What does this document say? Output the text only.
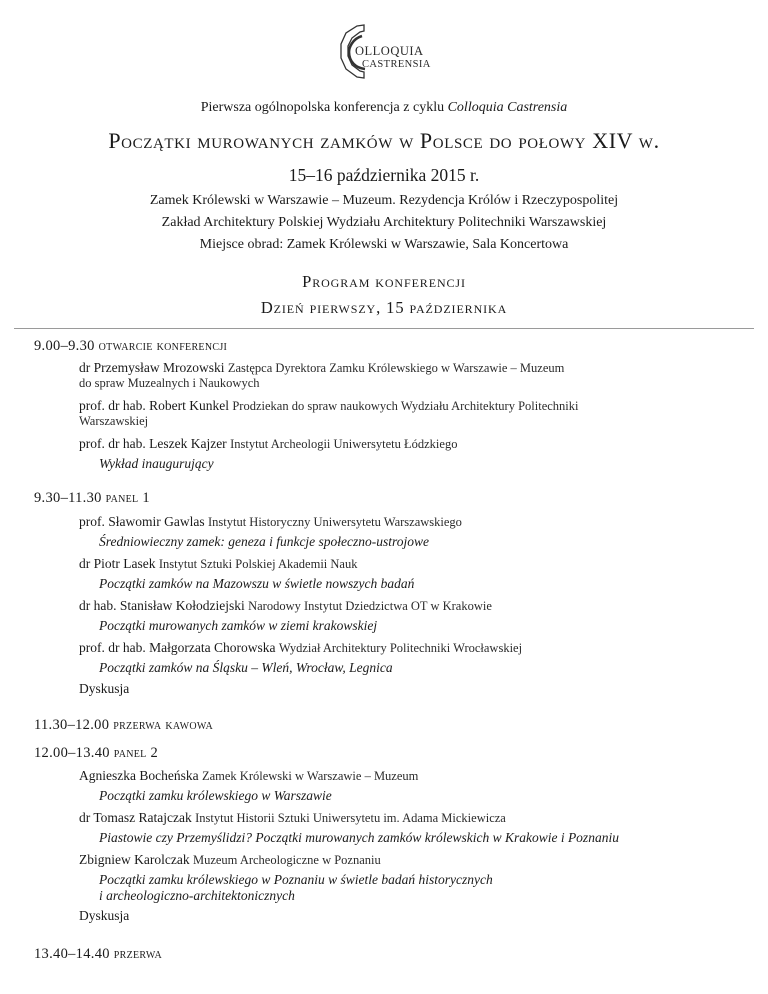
OLLOQUIA
CASTRENSIA
Pierwsza ogólnopolska konferencja z cyklu Colloquia Castrensia
Początki murowanych zamków w Polsce do połowy XIV w.
15–16 października 2015 r.
Zamek Królewski w Warszawie – Muzeum. Rezydencja Królów i Rzeczypospolitej
Zakład Architektury Polskiej Wydziału Architektury Politechniki Warszawskiej
Miejsce obrad: Zamek Królewski w Warszawie, Sala Koncertowa
Program konferencji
Dzień pierwszy, 15 października
9.00–9.30 otwarcie konferencji
dr Przemysław Mrozowski Zastępca Dyrektora Zamku Królewskiego w Warszawie – Muzeum
do spraw Muzealnych i Naukowych
prof. dr hab. Robert Kunkel Prodziekan do spraw naukowych Wydziału Architektury Politechniki
Warszawskiej
prof. dr hab. Leszek Kajzer Instytut Archeologii Uniwersytetu Łódzkiego
Wykład inaugurujący
9.30–11.30 panel 1
prof. Sławomir Gawlas Instytut Historyczny Uniwersytetu Warszawskiego
Średniowieczny zamek: geneza i funkcje społeczno-ustrojowe
dr Piotr Lasek Instytut Sztuki Polskiej Akademii Nauk
Początki zamków na Mazowszu w świetle nowszych badań
dr hab. Stanisław Kołodziejski Narodowy Instytut Dziedzictwa OT w Krakowie
Początki murowanych zamków w ziemi krakowskiej
prof. dr hab. Małgorzata Chorowska Wydział Architektury Politechniki Wrocławskiej
Początki zamków na Śląsku – Wleń, Wrocław, Legnica
Dyskusja
11.30–12.00 przerwa kawowa
12.00–13.40 panel 2
Agnieszka Bocheńska Zamek Królewski w Warszawie – Muzeum
Początki zamku królewskiego w Warszawie
dr Tomasz Ratajczak Instytut Historii Sztuki Uniwersytetu im. Adama Mickiewicza
Piastowie czy Przemyślidzi? Początki murowanych zamków królewskich w Krakowie i Poznaniu
Zbigniew Karolczak Muzeum Archeologiczne w Poznaniu
Początki zamku królewskiego w Poznaniu w świetle badań historycznych
i archeologiczno-architektonicznych
Dyskusja
13.40–14.40 przerwa
